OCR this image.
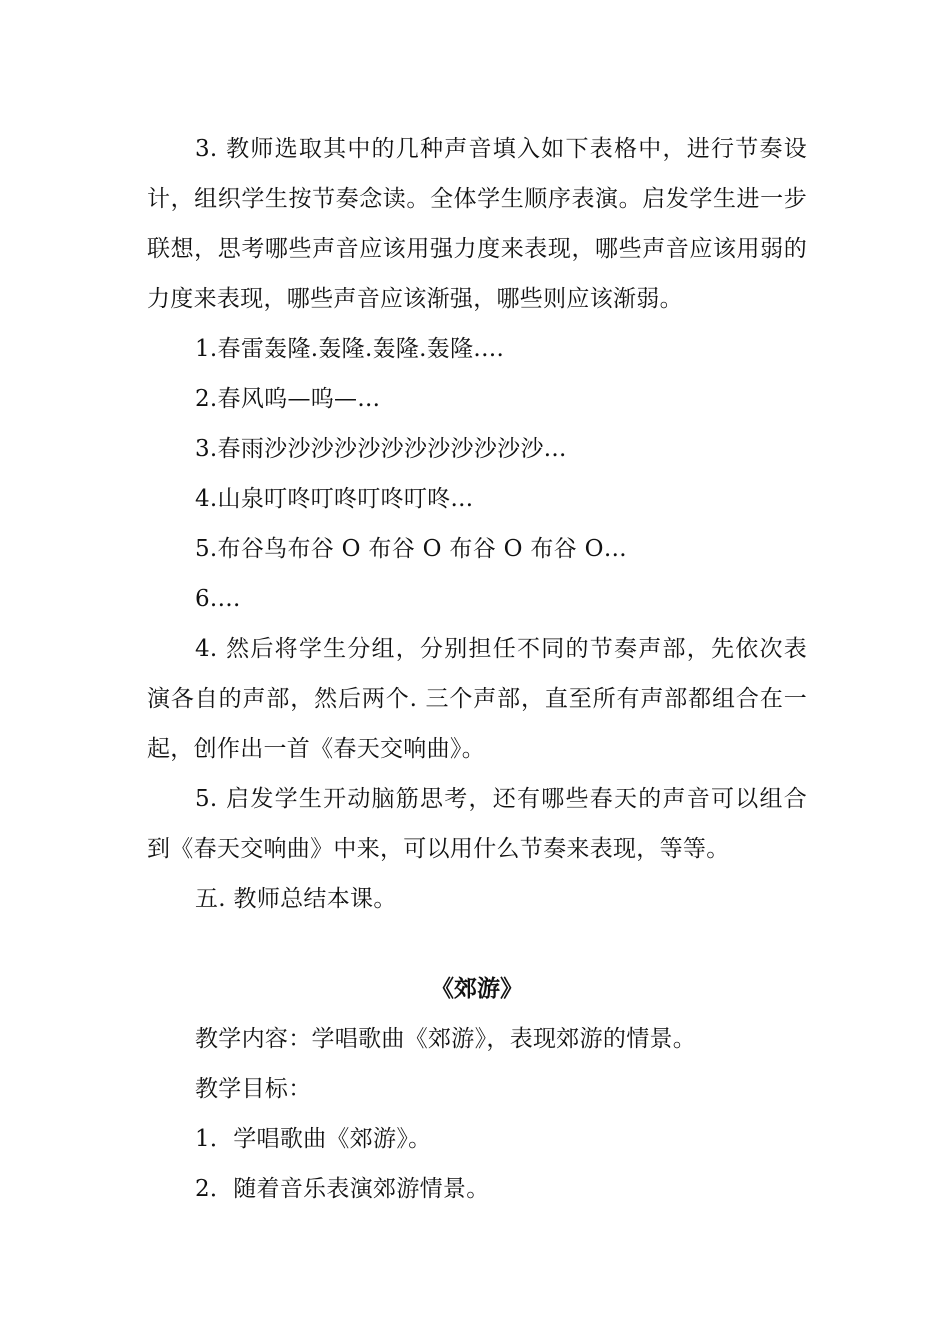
3. 教师选取其中的几种声音填入如下表格中，进行节奏设计，组织学生按节奏念读。全体学生顺序表演。启发学生进一步联想，思考哪些声音应该用强力度来表现，哪些声音应该用弱的力度来表现，哪些声音应该渐强，哪些则应该渐弱。

1.春雷轰隆.轰隆.轰隆.轰隆.…

2.春风呜—呜—...

3.春雨沙沙沙沙沙沙沙沙沙沙沙沙...

4.山泉叮咚叮咚叮咚叮咚...

5.布谷鸟布谷 O 布谷 O 布谷 O 布谷 O…

6.…

4. 然后将学生分组，分别担任不同的节奏声部，先依次表演各自的声部，然后两个. 三个声部，直至所有声部都组合在一起，创作出一首《春天交响曲》。

5. 启发学生开动脑筋思考，还有哪些春天的声音可以组合到《春天交响曲》中来，可以用什么节奏来表现，等等。

五. 教师总结本课。

《郊游》

教学内容：学唱歌曲《郊游》，表现郊游的情景。

教学目标：

1．学唱歌曲《郊游》。

2．随着音乐表演郊游情景。
